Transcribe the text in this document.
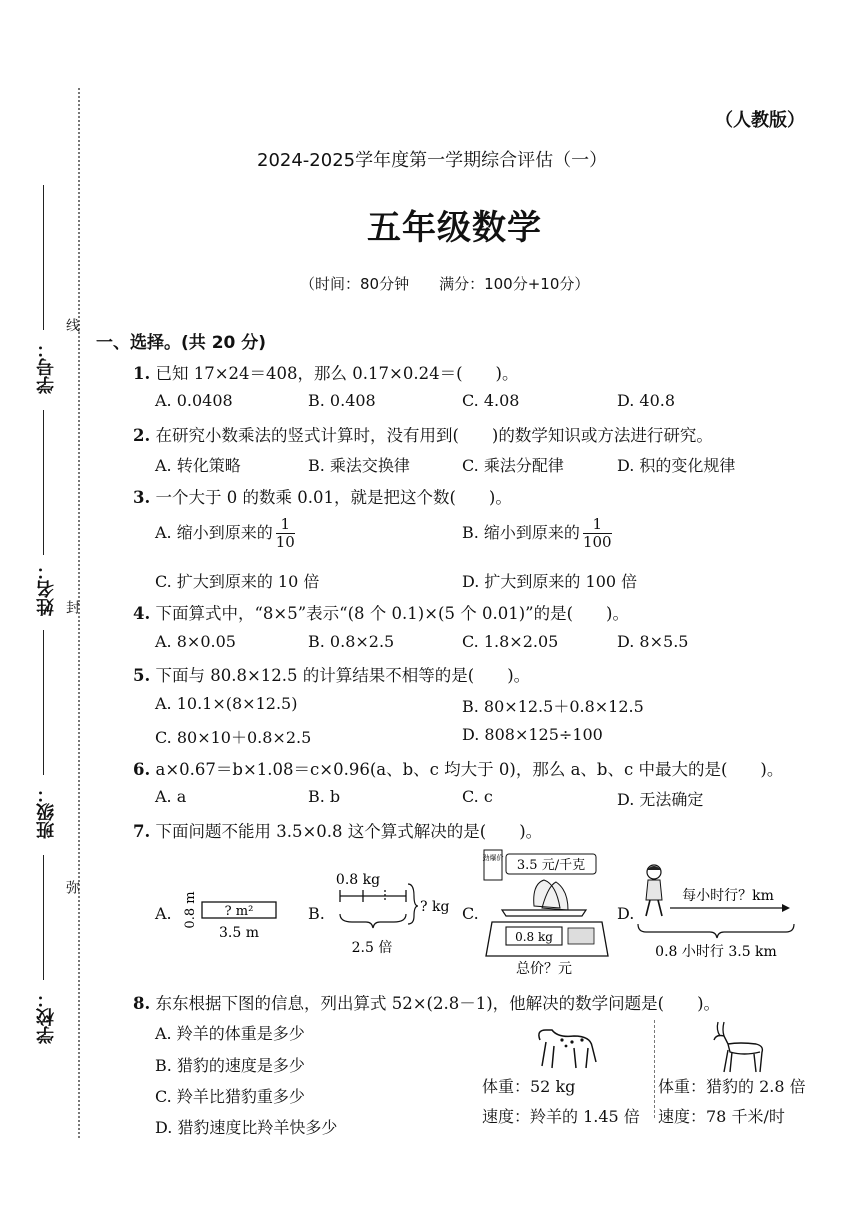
学号：
姓名：
班级：
学校：
线
封
弥
（人教版）
2024-2025学年度第一学期综合评估（一）
五年级数学
（时间：80分钟　　满分：100分+10分）
一、选择。(共 20 分)
1. 已知 17×24＝408，那么 0.17×0.24＝(　　)。
A. 0.0408	B. 0.408	C. 4.08	D. 40.8
2. 在研究小数乘法的竖式计算时，没有用到(　　)的数学知识或方法进行研究。
A. 转化策略	B. 乘法交换律	C. 乘法分配律	D. 积的变化规律
3. 一个大于 0 的数乘 0.01，就是把这个数(　　)。
A. 缩小到原来的 $\frac{1}{10}$	B. 缩小到原来的 $\frac{1}{100}$
C. 扩大到原来的 10 倍	D. 扩大到原来的 100 倍
4. 下面算式中，“8×5”表示“(8 个 0.1)×(5 个 0.01)”的是(　　)。
A. 8×0.05	B. 0.8×2.5	C. 1.8×2.05	D. 8×5.5
5. 下面与 80.8×12.5 的计算结果不相等的是(　　)。
A. 10.1×(8×12.5)	B. 80×12.5＋0.8×12.5
C. 80×10＋0.8×2.5	D. 808×125÷100
6. a×0.67＝b×1.08＝c×0.96(a、b、c 均大于 0)，那么 a、b、c 中最大的是(　　)。
A. a	B. b	C. c	D. 无法确定
7. 下面问题不能用 3.5×0.8 这个算式解决的是(　　)。
A. 0.8 m ? m²
3.5 m
B.
0.8 kg
? kg
2.5 倍
C.
劲爆价 3.5 元/千克
0.8 kg
总价？元
D.
每小时行？km
0.8 小时行 3.5 km
8. 东东根据下图的信息，列出算式 52×(2.8－1)，他解决的数学问题是(　　)。
A. 羚羊的体重是多少
B. 猎豹的速度是多少
C. 羚羊比猎豹重多少
D. 猎豹速度比羚羊快多少
体重：52 kg
速度：羚羊的 1.45 倍
体重：猎豹的 2.8 倍
速度：78 千米/时
